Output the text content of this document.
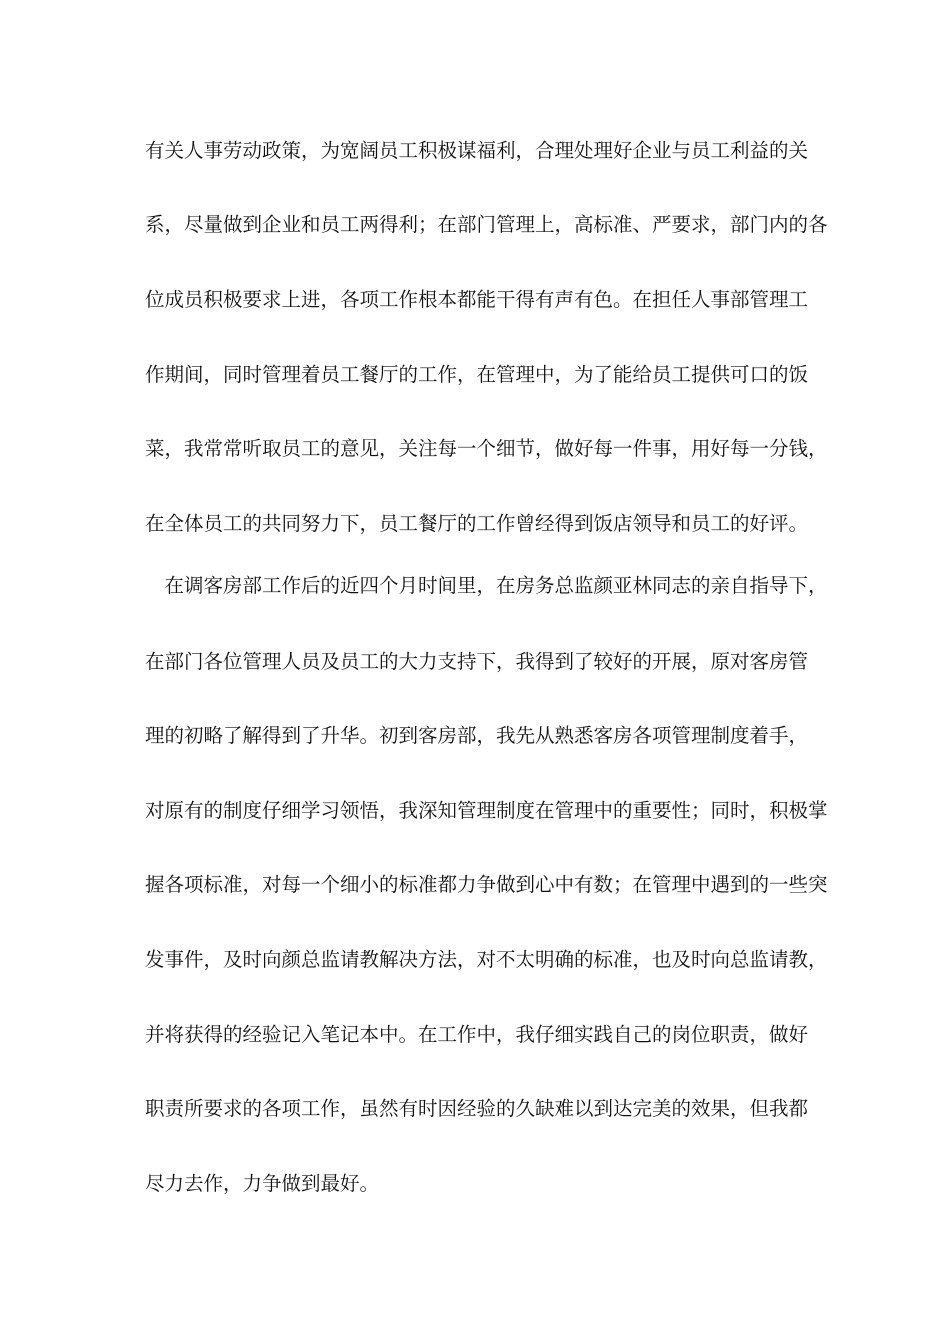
有关人事劳动政策，为宽阔员工积极谋福利，合理处理好企业与员工利益的关
系，尽量做到企业和员工两得利；在部门管理上，高标准、严要求，部门内的各
位成员积极要求上进，各项工作根本都能干得有声有色。在担任人事部管理工
作期间，同时管理着员工餐厅的工作，在管理中，为了能给员工提供可口的饭
菜，我常常听取员工的意见，关注每一个细节，做好每一件事，用好每一分钱，
在全体员工的共同努力下，员工餐厅的工作曾经得到饭店领导和员工的好评。
　在调客房部工作后的近四个月时间里，在房务总监颜亚林同志的亲自指导下，
在部门各位管理人员及员工的大力支持下，我得到了较好的开展，原对客房管
理的初略了解得到了升华。初到客房部，我先从熟悉客房各项管理制度着手，
对原有的制度仔细学习领悟，我深知管理制度在管理中的重要性；同时，积极掌
握各项标准，对每一个细小的标准都力争做到心中有数；在管理中遇到的一些突
发事件，及时向颜总监请教解决方法，对不太明确的标准，也及时向总监请教，
并将获得的经验记入笔记本中。在工作中，我仔细实践自己的岗位职责，做好
职责所要求的各项工作，虽然有时因经验的久缺难以到达完美的效果，但我都
尽力去作，力争做到最好。
